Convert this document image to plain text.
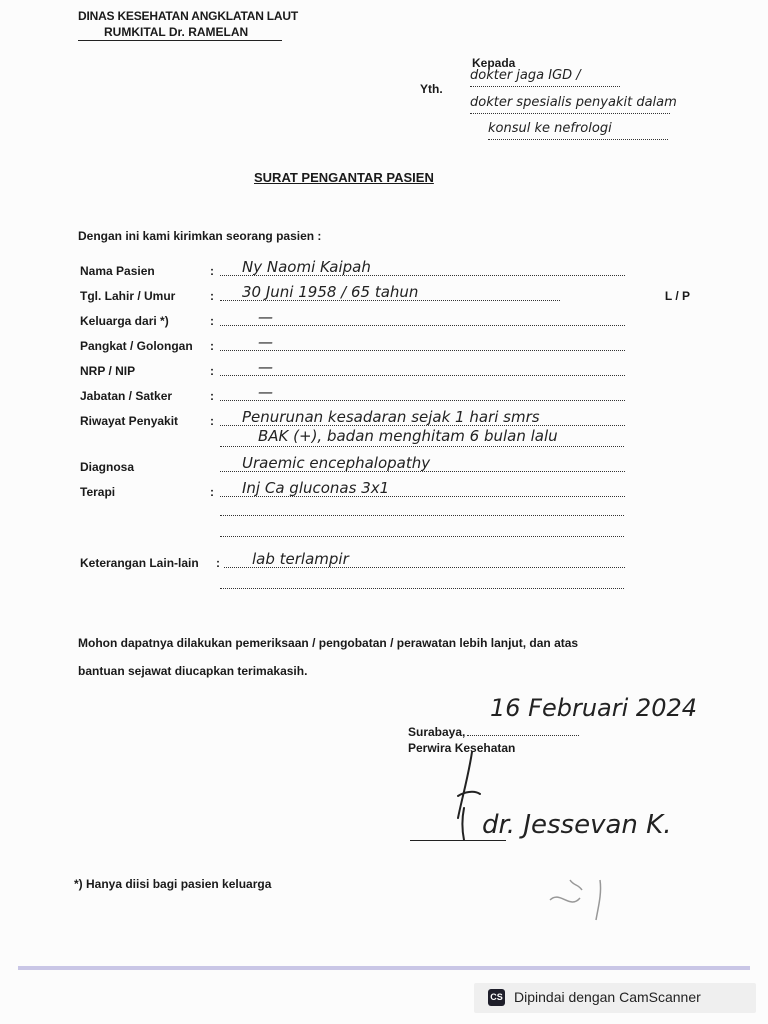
DINAS KESEHATAN ANGKLATAN LAUT
RUMKITAL Dr. RAMELAN
Kepada
Yth.
dokter jaga IGD /
dokter spesialis penyakit dalam
konsul ke nefrologi
SURAT PENGANTAR PASIEN
Dengan ini kami kirimkan seorang pasien :
Nama Pasien	: Ny Naomi Kaipah
Tgl. Lahir / Umur	: 30 Juni 1958 / 65 tahun	L / P
Keluarga dari *)	:	—
Pangkat / Golongan :	—
NRP / NIP	:	—
Jabatan / Satker	:	—
Riwayat Penyakit	: Penurunan kesadaran sejak 1 hari smrs
BAK (+), badan menghitam 6 bulan lalu
Diagnosa	Uraemic encephalopathy
Terapi	: Inj Ca gluconas 3x1
Keterangan Lain-lain : lab terlampir
Mohon dapatnya dilakukan pemeriksaan / pengobatan / perawatan lebih lanjut, dan atas
bantuan sejawat diucapkan terimakasih.
16 Februari 2024
Surabaya,
Perwira Kesehatan
dr. Jessevan K.
*) Hanya diisi bagi pasien keluarga
CS Dipindai dengan CamScanner
